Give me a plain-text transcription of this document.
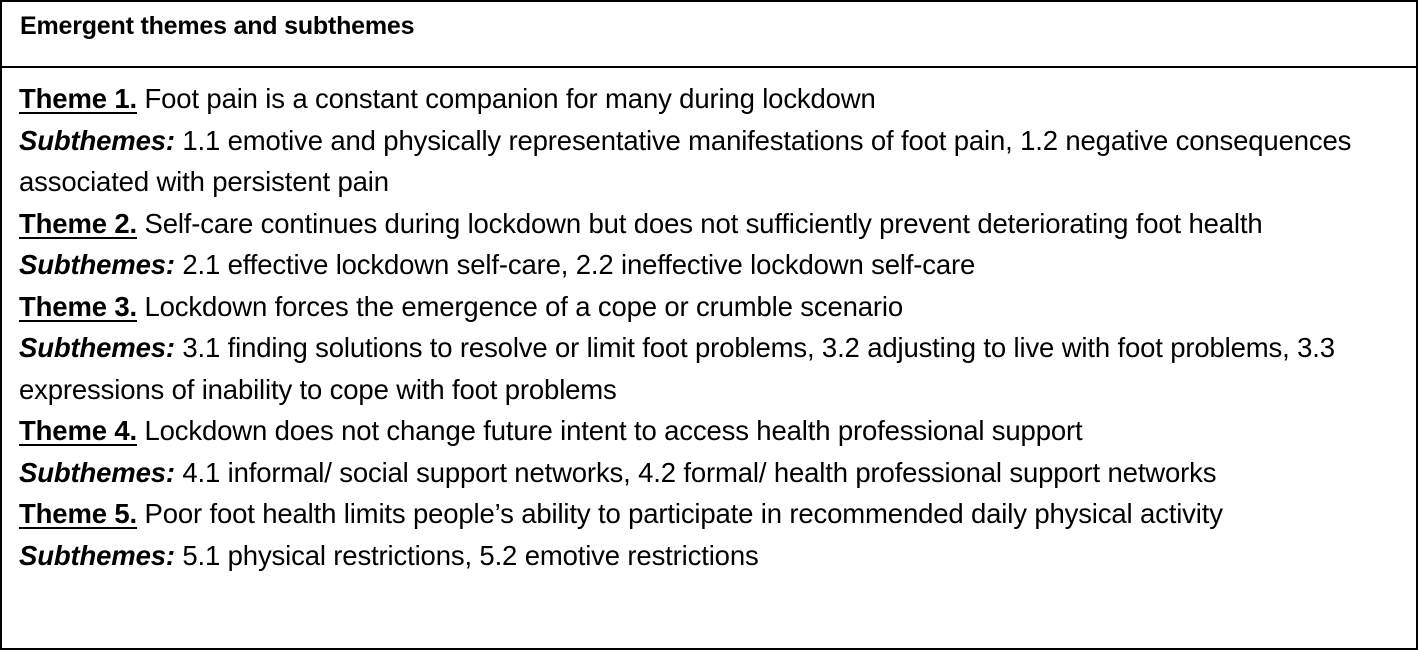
Emergent themes and subthemes

Theme 1. Foot pain is a constant companion for many during lockdown

Subthemes: 1.1 emotive and physically representative manifestations of foot pain, 1.2 negative consequences associated with persistent pain

Theme 2. Self-care continues during lockdown but does not sufficiently prevent deteriorating foot health

Subthemes: 2.1 effective lockdown self-care, 2.2 ineffective lockdown self-care

Theme 3. Lockdown forces the emergence of a cope or crumble scenario

Subthemes: 3.1 finding solutions to resolve or limit foot problems, 3.2 adjusting to live with foot problems, 3.3 expressions of inability to cope with foot problems

Theme 4. Lockdown does not change future intent to access health professional support

Subthemes: 4.1 informal/ social support networks, 4.2 formal/ health professional support networks

Theme 5. Poor foot health limits people’s ability to participate in recommended daily physical activity

Subthemes: 5.1 physical restrictions, 5.2 emotive restrictions
